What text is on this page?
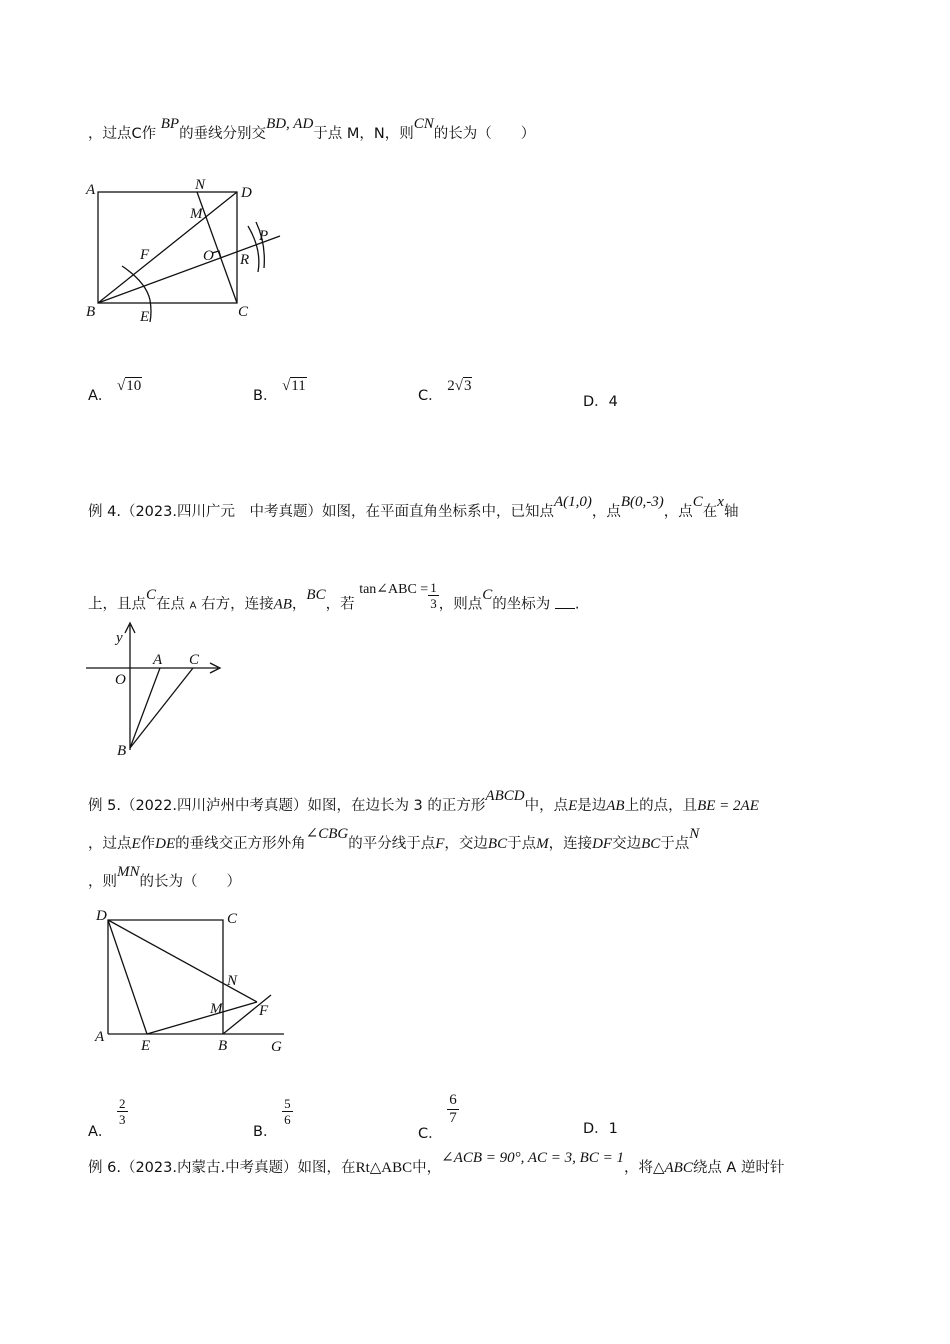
，过点C作 BP的垂线分别交BD, AD于点 M，N，则CN的长为（　　）
A	N D
M
F	O
P
R
B	E	C
A． √10
B． √11
C． 2√3
D．4
例 4.（2023.四川广元　中考真题）如图，在平面直角坐标系中，已知点A(1,0)，点B(0,-3)，点C在x轴
上，且点C在点 A 右方，连接AB，BC，若 tan∠ABC = $\frac{1}{3}$ ，则点C的坐标为 .
y
A C
O
B
例 5.（2022.四川泸州中考真题）如图，在边长为 3 的正方形ABCD中，点E是边AB上的点，且BE = 2AE
，过点E作DE的垂线交正方形外角∠CBG的平分线于点F，交边BC于点M，连接DF交边BC于点N
，则MN的长为（　　）
D	C
N
M F
A
E	B	G
A．
$\frac{2}{3}$
B．
$\frac{5}{6}$
C．
$\frac{6}{7}$
D．1
例 6.（2023.内蒙古.中考真题）如图，在Rt△ABC中，∠ACB = 90°, AC = 3, BC = 1，将△ABC绕点 A 逆时针
